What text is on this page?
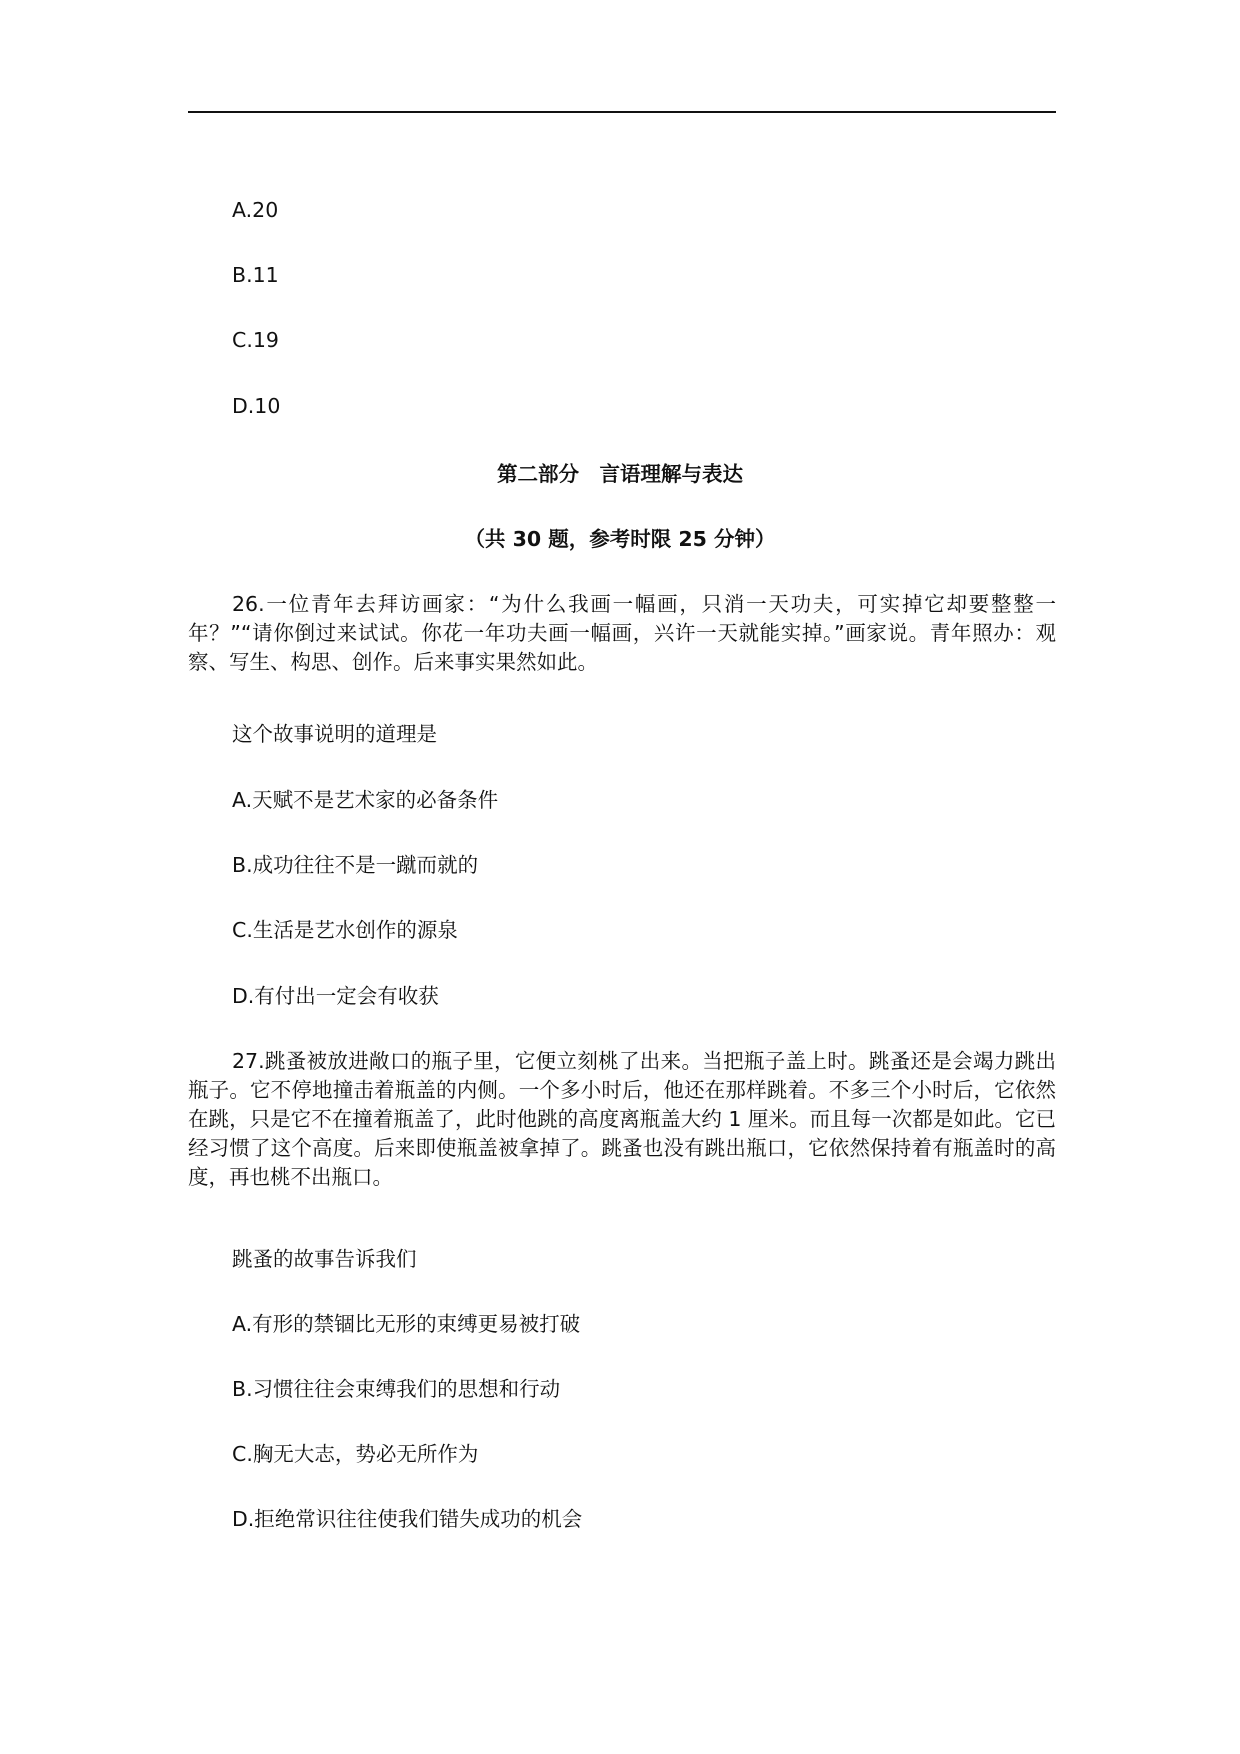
A.20
B.11
C.19
D.10
第二部分　言语理解与表达
（共 30 题，参考时限 25 分钟）
26.一位青年去拜访画家：“为什么我画一幅画，只消一天功夫，可实掉它却要整整一年？”“请你倒过来试试。你花一年功夫画一幅画，兴许一天就能实掉。”画家说。青年照办：观察、写生、构思、创作。后来事实果然如此。
这个故事说明的道理是
A.天赋不是艺术家的必备条件
B.成功往往不是一蹴而就的
C.生活是艺水创作的源泉
D.有付出一定会有收获
27.跳蚤被放进敞口的瓶子里，它便立刻桃了出来。当把瓶子盖上时。跳蚤还是会竭力跳出瓶子。它不停地撞击着瓶盖的内侧。一个多小时后，他还在那样跳着。不多三个小时后，它依然在跳，只是它不在撞着瓶盖了，此时他跳的高度离瓶盖大约 1 厘米。而且每一次都是如此。它已经习惯了这个高度。后来即使瓶盖被拿掉了。跳蚤也没有跳出瓶口，它依然保持着有瓶盖时的高度，再也桃不出瓶口。
跳蚤的故事告诉我们
A.有形的禁锢比无形的束缚更易被打破
B.习惯往往会束缚我们的思想和行动
C.胸无大志，势必无所作为
D.拒绝常识往往使我们错失成功的机会
